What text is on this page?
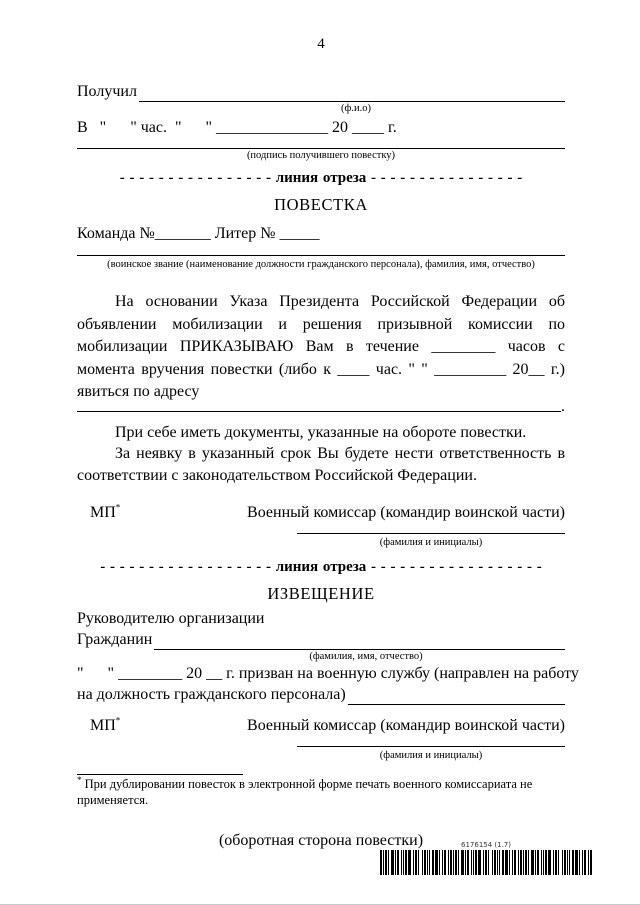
4
Получил
(ф.и.о)
В   "      " час.  "      " ______________ 20 ____ г.
(подпись получившего повестку)
- - - - - - - - - - - - - - - - линия отреза - - - - - - - - - - - - - - - -
ПОВЕСТКА
Команда №_______ Литер № _____
(воинское звание (наименование должности гражданского персонала), фамилия, имя, отчество)
На основании Указа Президента Российской Федерации об объявлении мобилизации и решения призывной комиссии по мобилизации ПРИКАЗЫВАЮ Вам в течение ________ часов с момента вручения повестки (либо к ____ час. " " _________ 20__ г.) явиться по адресу
.
При себе иметь документы, указанные на обороте повестки.
За неявку в указанный срок Вы будете нести ответственность в соответствии с законодательством Российской Федерации.
МП*	Военный комиссар (командир воинской части)
(фамилия и инициалы)
- - - - - - - - - - - - - - - - - - линия отреза - - - - - - - - - - - - - - - - - -
ИЗВЕЩЕНИЕ
Руководителю организации
Гражданин
(фамилия, имя, отчество)
"      " ________ 20 __ г. призван на военную службу (направлен на работу
на должность гражданского персонала)
МП*	Военный комиссар (командир воинской части)
(фамилия и инициалы)
* При дублировании повесток в электронной форме печать военного комиссариата не применяется.
(оборотная сторона повестки)	6176154 (1.7)
